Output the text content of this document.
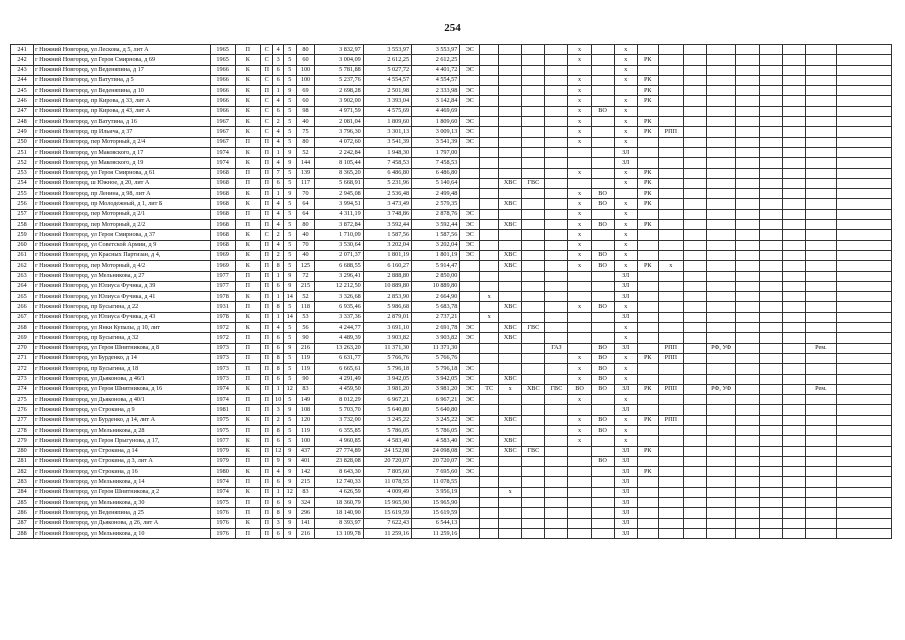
254
241	г Нижний Новгород, ул Лескова, д 5, лит А	1965	П	С	4	5	80	3 832,97	3 553,97	3 553,97	ЭС					x		x									
242	г Нижний Новгород, ул Героя Смирнова, д 69	1965	К	С	3	5	60	3 004,09	2 612,25	2 612,25						x		x	РК								
243	г Нижний Новгород, ул Веденяпина, д 17	1966	К	П	6	5	100	5 781,88	5 027,72	4 401,72	ЭС							x									
244	г Нижний Новгород, ул Ватутина, д 5	1966	К	С	6	5	100	5 237,76	4 554,57	4 554,57						x		x	РК								
245	г Нижний Новгород, ул Веденяпина, д 10	1966	К	П	1	9	69	2 698,28	2 501,98	2 333,98	ЭС					x			РК								
246	г Нижний Новгород, пр Кирова, д 33, лит А	1966	К	С	4	5	60	3 902,00	3 393,04	3 142,84	ЭС					x		x	РК								
247	г Нижний Новгород, пр Кирова, д 43, лит А	1966	К	С	6	5	98	4 971,59	4 575,69	4 469,69						x	ВО	x									
248	г Нижний Новгород, ул Ватутина, д 16	1967	К	С	2	5	40	2 081,04	1 809,60	1 809,60	ЭС					x		x	РК								
249	г Нижний Новгород, пр Ильича, д 37	1967	К	С	4	5	75	3 796,30	3 301,13	3 009,13	ЭС					x		x	РК	РПП							
250	г Нижний Новгород, пер Моторный, д 2/4	1967	П	П	4	5	80	4 072,60	3 541,39	3 541,39	ЭС					x		x									
251	г Нижний Новгород, ул Маковского, д 17	1974	К	П	1	9	52	2 242,84	1 948,30	1 797,00								ЗЛ									
252	г Нижний Новгород, ул Маковского, д 19	1974	К	П	4	9	144	8 105,44	7 458,53	7 458,53								ЗЛ									
253	г Нижний Новгород, ул Героя Смирнова, д 61	1968	П	П	7	5	139	8 365,20	6 486,80	6 486,80						x		x	РК								
254	г Нижний Новгород, ш Южное, д 20, лит А	1968	П	П	6	5	117	5 668,91	5 231,96	5 140,64			ХВС	ГВС				x	РК								
255	г Нижний Новгород, пр Ленина, д 98, лит А	1968	К	П	1	9	70	2 945,08	2 536,48	2 499,48						x	ВО		РК								
256	г Нижний Новгород, пр Молодежный, д 1, лит Б	1968	К	П	4	5	64	3 994,51	3 473,49	2 579,35			ХВС			x	ВО	x	РК								
257	г Нижний Новгород, пер Моторный, д 2/1	1968	П	П	4	5	64	4 311,19	3 748,86	2 878,76	ЭС					x		x									
258	г Нижний Новгород, пер Моторный, д 2/2	1968	П	П	4	5	80	3 872,84	3 592,44	3 592,44	ЭС		ХВС			x	ВО	x	РК								
259	г Нижний Новгород, ул Героя Смирнова, д 37	1968	К	С	2	5	40	1 710,09	1 587,56	1 587,56	ЭС					x		x									
260	г Нижний Новгород, ул Советской Армии, д 9	1968	К	П	4	5	70	3 530,64	3 202,04	3 202,04	ЭС					x		x									
261	г Нижний Новгород, ул Красных Партизан, д 4,	1969	К	П	2	5	40	2 071,37	1 801,19	1 801,19	ЭС		ХВС			x	ВО	x									
262	г Нижний Новгород, пер Моторный, д 4/2	1969	К	П	8	5	125	6 688,55	6 160,27	5 914,47			ХВС			x	ВО	x	РК	x							
263	г Нижний Новгород, ул Мельникова, д 27	1977	П	П	1	9	72	3 296,41	2 888,80	2 850,00								ЗЛ									
264	г Нижний Новгород, ул Юлиуса Фучика, д 39	1977	П	П	6	9	215	12 212,50	10 889,80	10 889,80								ЗЛ									
265	г Нижний Новгород, ул Юлиуса Фучика, д 41	1978	К	П	1	14	52	3 326,68	2 853,90	2 664,90		x						ЗЛ									
266	г Нижний Новгород, пр Бусыгина, д 22	1931	П	П	8	5	118	6 935,46	5 986,68	5 683,78			ХВС			x	ВО	x									
267	г Нижний Новгород, ул Юлиуса Фучика, д 43	1978	К	П	1	14	53	3 337,36	2 879,01	2 737,21		x						ЗЛ									
268	г Нижний Новгород, ул Янки Купалы, д 10, лит	1972	К	П	4	5	56	4 244,77	3 691,10	2 691,78	ЭС		ХВС	ГВС				x									
269	г Нижний Новгород, пр Бусыгина, д 32	1972	П	П	6	5	90	4 489,39	3 903,82	3 903,82	ЭС		ХВС					x									
270	г Нижний Новгород, ул Героя Шнитникова, д 8	1973	П	П	6	9	216	13 263,20	11 371,30	11 371,30					ГАЗ		ВО	ЗЛ		РПП		РФ, УФ				Рем.	
271	г Нижний Новгород, ул Бурденко, д 14	1973	П	П	8	5	119	6 631,77	5 766,76	5 766,76						x	ВО	x	РК	РПП							
272	г Нижний Новгород, пр Бусыгина, д 18	1973	П	П	8	5	119	6 665,61	5 796,18	5 796,18	ЭС					x	ВО	x									
273	г Нижний Новгород, ул Дьяконова, д 46/1	1973	П	П	6	5	90	4 291,49	3 942,05	3 942,05	ЭС		ХВС			x	ВО	x									
274	г Нижний Новгород, ул Героя Шнитникова, д 16	1974	К	П	1	12	83	4 459,50	3 981,20	3 981,20	ЭС	ТС	x	ХВС	ГВС	ВО	ВО	ЗЛ	РК	РПП		РФ, УФ				Рем.	
275	г Нижний Новгород, ул Дьяконова, д 40/1	1974	П	П	10	5	149	8 012,29	6 967,21	6 967,21	ЭС					x		x									
276	г Нижний Новгород, ул Строкина, д 9	1981	П	П	3	9	108	5 703,70	5 640,80	5 640,80								ЗЛ									
277	г Нижний Новгород, ул Бурденко, д 14, лит А	1975	К	П	2	5	120	3 732,00	3 245,22	3 245,22	ЭС		ХВС			x	ВО	x	РК	РПП							
278	г Нижний Новгород, ул Мельникова, д 28	1975	П	П	8	5	119	6 355,85	5 786,05	5 786,05	ЭС					x	ВО	x									
279	г Нижний Новгород, ул Героя Прыгунова, д 17,	1977	К	П	6	5	100	4 960,85	4 583,40	4 583,40	ЭС		ХВС			x		x									
280	г Нижний Новгород, ул Строкина, д 14	1979	К	П	12	9	437	27 774,89	24 152,08	24 098,08	ЭС		ХВС	ГВС				ЗЛ	РК								
281	г Нижний Новгород, ул Строкина, д 3, лит А	1979	П	П	9	9	401	23 828,08	20 720,07	20 720,07	ЭС						ВО	ЗЛ									
282	г Нижний Новгород, ул Строкина, д 16	1980	К	П	4	9	142	8 643,30	7 805,60	7 695,60	ЭС							ЗЛ	РК								
283	г Нижний Новгород, ул Мельникова, д 14	1974	П	П	6	9	215	12 740,33	11 078,55	11 078,55								ЗЛ									
284	г Нижний Новгород, ул Героя Шнитникова, д 2	1974	К	П	1	12	83	4 626,59	4 009,49	3 956,19			x					ЗЛ									
285	г Нижний Новгород, ул Мельникова, д 30	1975	П	П	6	9	324	18 360,79	15 965,90	15 965,90								ЗЛ									
286	г Нижний Новгород, ул Веденяпина, д 25	1976	П	П	8	9	296	18 140,90	15 619,59	15 619,59								ЗЛ									
287	г Нижний Новгород, ул Дьяконова, д 26, лит А	1976	К	П	3	9	141	8 393,97	7 622,43	6 544,13								ЗЛ									
288	г Нижний Новгород, ул Мельникова, д 10	1976	П	П	6	9	216	13 109,78	11 259,16	11 259,16								ЗЛ									
